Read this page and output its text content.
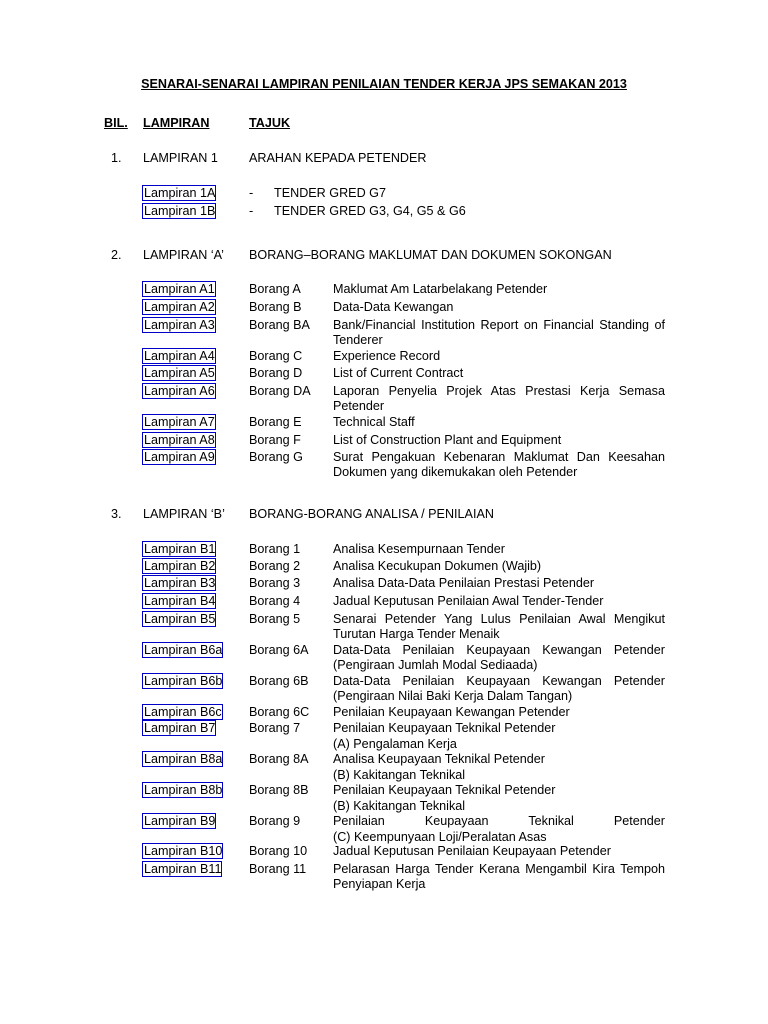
SENARAI-SENARAI LAMPIRAN PENILAIAN TENDER KERJA JPS SEMAKAN 2013
BIL. LAMPIRAN	TAJUK
1. LAMPIRAN 1 ARAHAN KEPADA PETENDER
Lampiran 1A	- TENDER GRED G7
Lampiran 1B	- TENDER GRED G3, G4, G5 & G6
2. LAMPIRAN ‘A’ BORANG–BORANG MAKLUMAT DAN DOKUMEN SOKONGAN
Lampiran A1	Borang A	Maklumat Am Latarbelakang Petender
Lampiran A2	Borang B Data-Data Kewangan
Lampiran A3	Borang BA Bank/Financial Institution Report on Financial Standing of Tenderer
Lampiran A4	Borang C Experience Record
Lampiran A5	Borang D List of Current Contract
Lampiran A6	Borang DA Laporan Penyelia Projek Atas Prestasi Kerja Semasa Petender
Lampiran A7	Borang E Technical Staff
Lampiran A8	Borang F	List of Construction Plant and Equipment
Lampiran A9	Borang G Surat Pengakuan Kebenaran Maklumat Dan Keesahan Dokumen yang dikemukakan oleh Petender
3. LAMPIRAN ‘B’ BORANG-BORANG ANALISA / PENILAIAN
Lampiran B1	Borang 1	Analisa Kesempurnaan Tender
Lampiran B2	Borang 2	Analisa Kecukupan Dokumen (Wajib)
Lampiran B3	Borang 3	Analisa Data-Data Penilaian Prestasi Petender
Lampiran B4	Borang 4	Jadual Keputusan Penilaian Awal Tender-Tender
Lampiran B5	Borang 5	Senarai Petender Yang Lulus Penilaian Awal Mengikut Turutan Harga Tender Menaik
Lampiran B6a Borang 6A Data-Data Penilaian Keupayaan Kewangan Petender (Pengiraan Jumlah Modal Sediaada)
Lampiran B6b Borang 6B Data-Data Penilaian Keupayaan Kewangan Petender (Pengiraan Nilai Baki Kerja Dalam Tangan)
Lampiran B6c Borang 6C Penilaian Keupayaan Kewangan Petender
Lampiran B7	Borang 7	Penilaian Keupayaan Teknikal Petender
(A) Pengalaman Kerja
Lampiran B8a Borang 8A Analisa Keupayaan Teknikal Petender
(B) Kakitangan Teknikal
Lampiran B8b Borang 8B Penilaian Keupayaan Teknikal Petender
(B) Kakitangan Teknikal
Lampiran B9	Borang 9	Penilaian Keupayaan Teknikal Petender
(C) Keempunyaan Loji/Peralatan Asas
Lampiran B10 Borang 10 Jadual Keputusan Penilaian Keupayaan Petender
Lampiran B11 Borang 11 Pelarasan Harga Tender Kerana Mengambil Kira Tempoh Penyiapan Kerja
